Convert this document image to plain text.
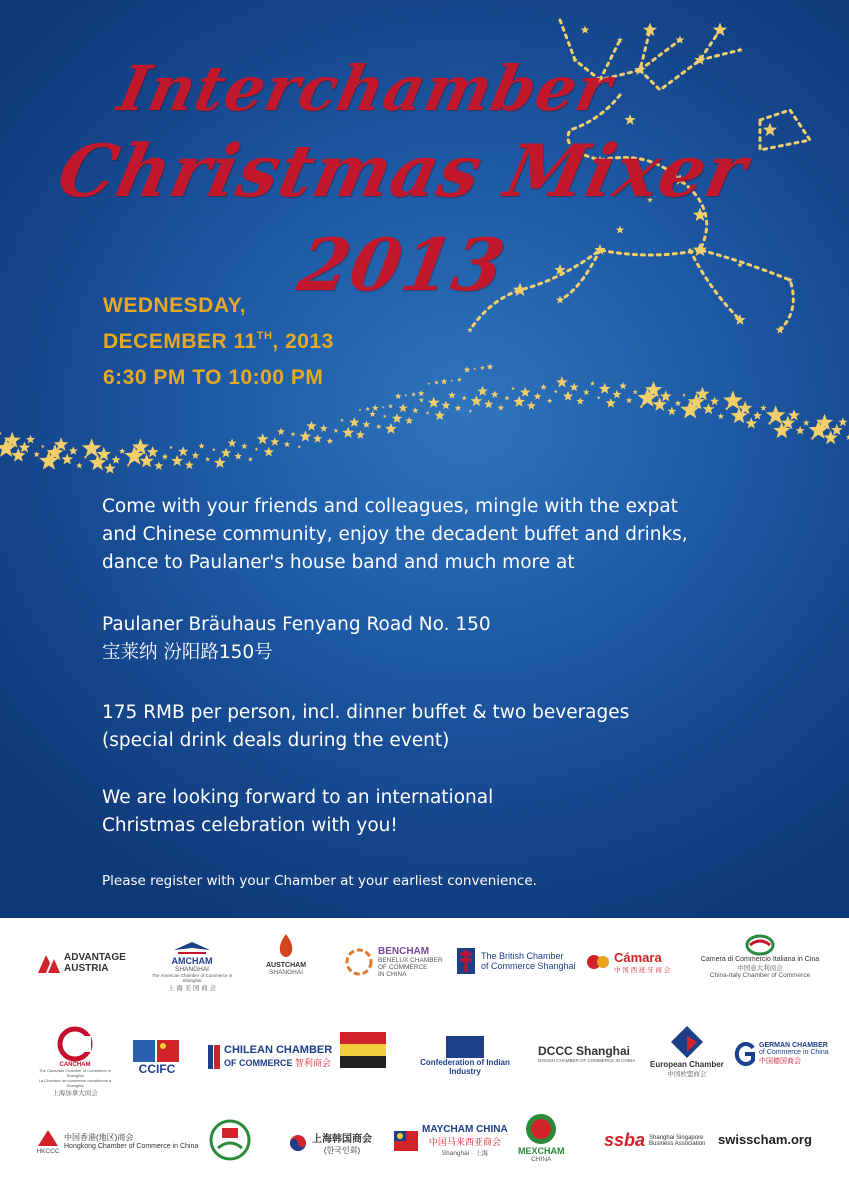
Interchamber
Christmas Mixer
2013
WEDNESDAY,
DECEMBER 11TH, 2013
6:30 PM TO 10:00 PM
Come with your friends and colleagues, mingle with the expat
and Chinese community, enjoy the decadent buffet and drinks,
dance to Paulaner's house band and much more at
Paulaner Bräuhaus Fenyang Road No. 150
宝莱纳 汾阳路150号
175 RMB per person, incl. dinner buffet & two beverages
(special drink deals during the event)
We are looking forward to an international
Christmas celebration with you!
Please register with your Chamber at your earliest convenience.
ADVANTAGE
AUSTRIA
AMCHAM
SHANGHAI
The American Chamber of Commerce in Shanghai
上 海 美 国 商 会
AUSTCHAM
SHANGHAI
BENCHAM
BENELUX CHAMBER
OF COMMERCE
IN CHINA
The British Chamber
of Commerce Shanghai
Cámara
中 国 西 班 牙 商 会
Camera di Commercio Italiana in Cina
中国意大利商会
China-Italy Chamber of Commerce
CANCHAM
The Canadian Chamber of Commerce in Shanghai
La Chambre de commerce canadienne à Shanghai
上海加拿大商会
CCIFC
CHILEAN CHAMBER
OF COMMERCE 智利商会	Confederation of Indian Industry
DCCC Shanghai
DANISH CHAMBER OF COMMERCE IN CHINA European Chamber
中国欧盟商会
GERMAN CHAMBER
of Commerce in China
中国德国商会
HKCCC
中国香港(地区)商会
Hongkong Chamber of Commerce in China
上海韩国商会
(한국인회)
MAYCHAM CHINA
中国马来西亚商会
Shanghai · 上海	MEXCHAM
CHINA
ssba Shanghai Singapore
Business Association swisscham.org
